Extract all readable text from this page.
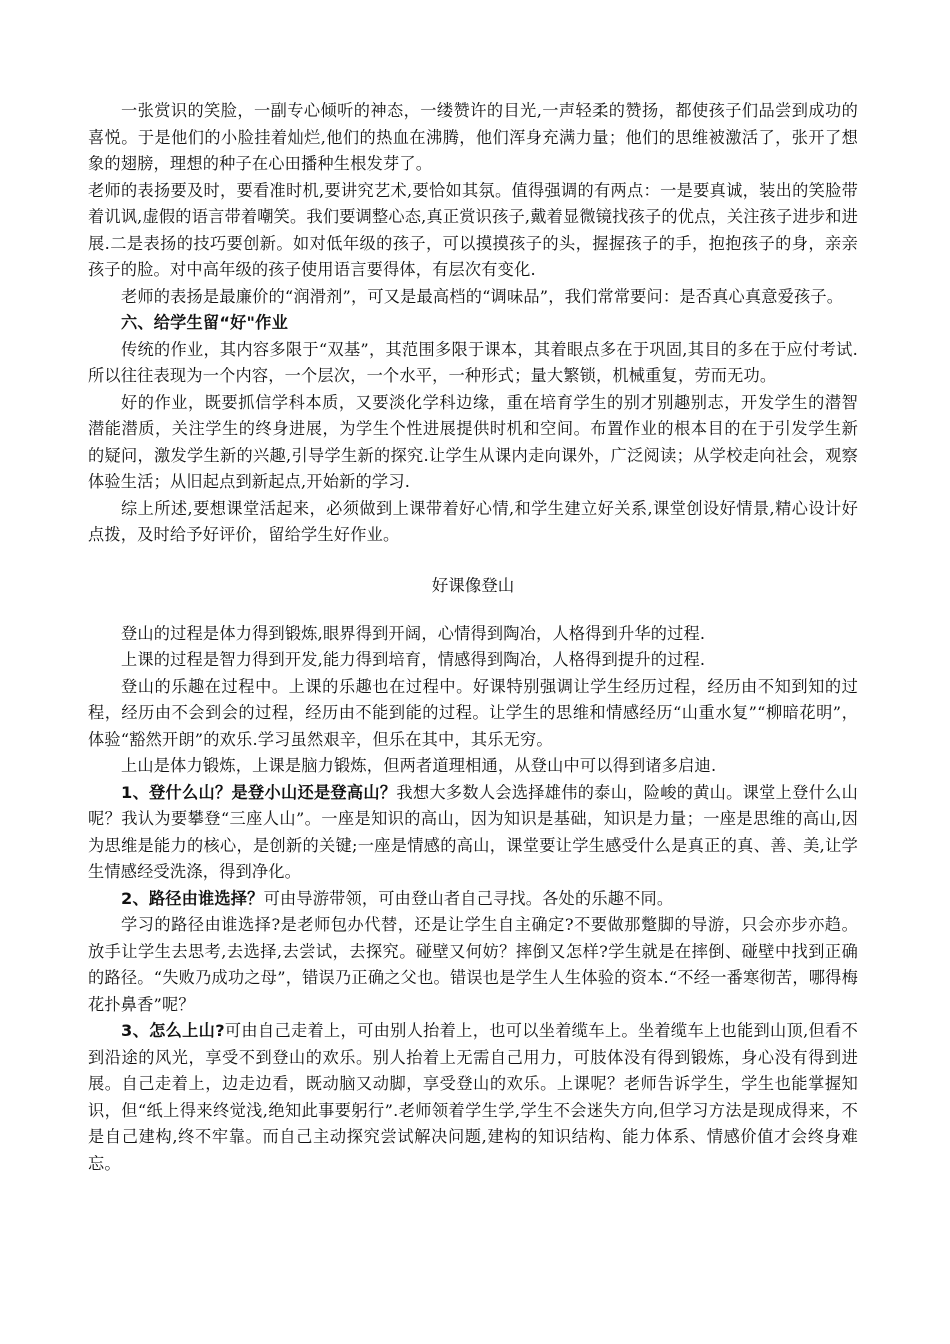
一张赏识的笑脸，一副专心倾听的神态，一缕赞许的目光,一声轻柔的赞扬，都使孩子们品尝到成功的喜悦。于是他们的小脸挂着灿烂,他们的热血在沸腾，他们浑身充满力量；他们的思维被激活了，张开了想象的翅膀，理想的种子在心田播种生根发芽了。

老师的表扬要及时，要看准时机,要讲究艺术,要恰如其氛。值得强调的有两点：一是要真诚，装出的笑脸带着讥讽,虚假的语言带着嘲笑。我们要调整心态,真正赏识孩子,戴着显微镜找孩子的优点，关注孩子进步和进展.二是表扬的技巧要创新。如对低年级的孩子，可以摸摸孩子的头，握握孩子的手，抱抱孩子的身，亲亲孩子的脸。对中高年级的孩子使用语言要得体，有层次有变化.

老师的表扬是最廉价的“润滑剂”，可又是最高档的“调味品”，我们常常要问：是否真心真意爱孩子。

六、给学生留“好"作业

传统的作业，其内容多限于“双基”，其范围多限于课本，其着眼点多在于巩固,其目的多在于应付考试.所以往往表现为一个内容，一个层次，一个水平，一种形式；量大繁锁，机械重复，劳而无功。

好的作业，既要抓信学科本质，又要淡化学科边缘，重在培育学生的别才别趣别志，开发学生的潜智潜能潜质，关注学生的终身进展，为学生个性进展提供时机和空间。布置作业的根本目的在于引发学生新的疑问，激发学生新的兴趣,引导学生新的探究.让学生从课内走向课外，广泛阅读；从学校走向社会，观察体验生活；从旧起点到新起点,开始新的学习.

综上所述,要想课堂活起来，必须做到上课带着好心情,和学生建立好关系,课堂创设好情景,精心设计好点拨，及时给予好评价，留给学生好作业。

好课像登山

登山的过程是体力得到锻炼,眼界得到开阔，心情得到陶冶，人格得到升华的过程.

上课的过程是智力得到开发,能力得到培育，情感得到陶冶，人格得到提升的过程.

登山的乐趣在过程中。上课的乐趣也在过程中。好课特别强调让学生经历过程，经历由不知到知的过程，经历由不会到会的过程，经历由不能到能的过程。让学生的思维和情感经历“山重水复”“柳暗花明”，体验“豁然开朗”的欢乐.学习虽然艰辛，但乐在其中，其乐无穷。

上山是体力锻炼，上课是脑力锻炼，但两者道理相通，从登山中可以得到诸多启迪.

1、登什么山？是登小山还是登高山？我想大多数人会选择雄伟的泰山，险峻的黄山。课堂上登什么山呢？我认为要攀登“三座人山”。一座是知识的高山，因为知识是基础，知识是力量；一座是思维的高山,因为思维是能力的核心，是创新的关键;一座是情感的高山，课堂要让学生感受什么是真正的真、善、美,让学生情感经受洗涤，得到净化。

2、路径由谁选择？可由导游带领，可由登山者自己寻找。各处的乐趣不同。

学习的路径由谁选择?是老师包办代替，还是让学生自主确定?不要做那蹩脚的导游，只会亦步亦趋。放手让学生去思考,去选择,去尝试，去探究。碰壁又何妨？摔倒又怎样?学生就是在摔倒、碰壁中找到正确的路径。“失败乃成功之母”，错误乃正确之父也。错误也是学生人生体验的资本.“不经一番寒彻苦，哪得梅花扑鼻香”呢？

3、怎么上山?可由自己走着上，可由别人抬着上，也可以坐着缆车上。坐着缆车上也能到山顶,但看不到沿途的风光，享受不到登山的欢乐。别人抬着上无需自己用力，可肢体没有得到锻炼，身心没有得到进展。自己走着上，边走边看，既动脑又动脚，享受登山的欢乐。上课呢？老师告诉学生，学生也能掌握知识，但“纸上得来终觉浅,绝知此事要躬行”.老师领着学生学,学生不会迷失方向,但学习方法是现成得来，不是自己建构,终不牢靠。而自己主动探究尝试解决问题,建构的知识结构、能力体系、情感价值才会终身难忘。
